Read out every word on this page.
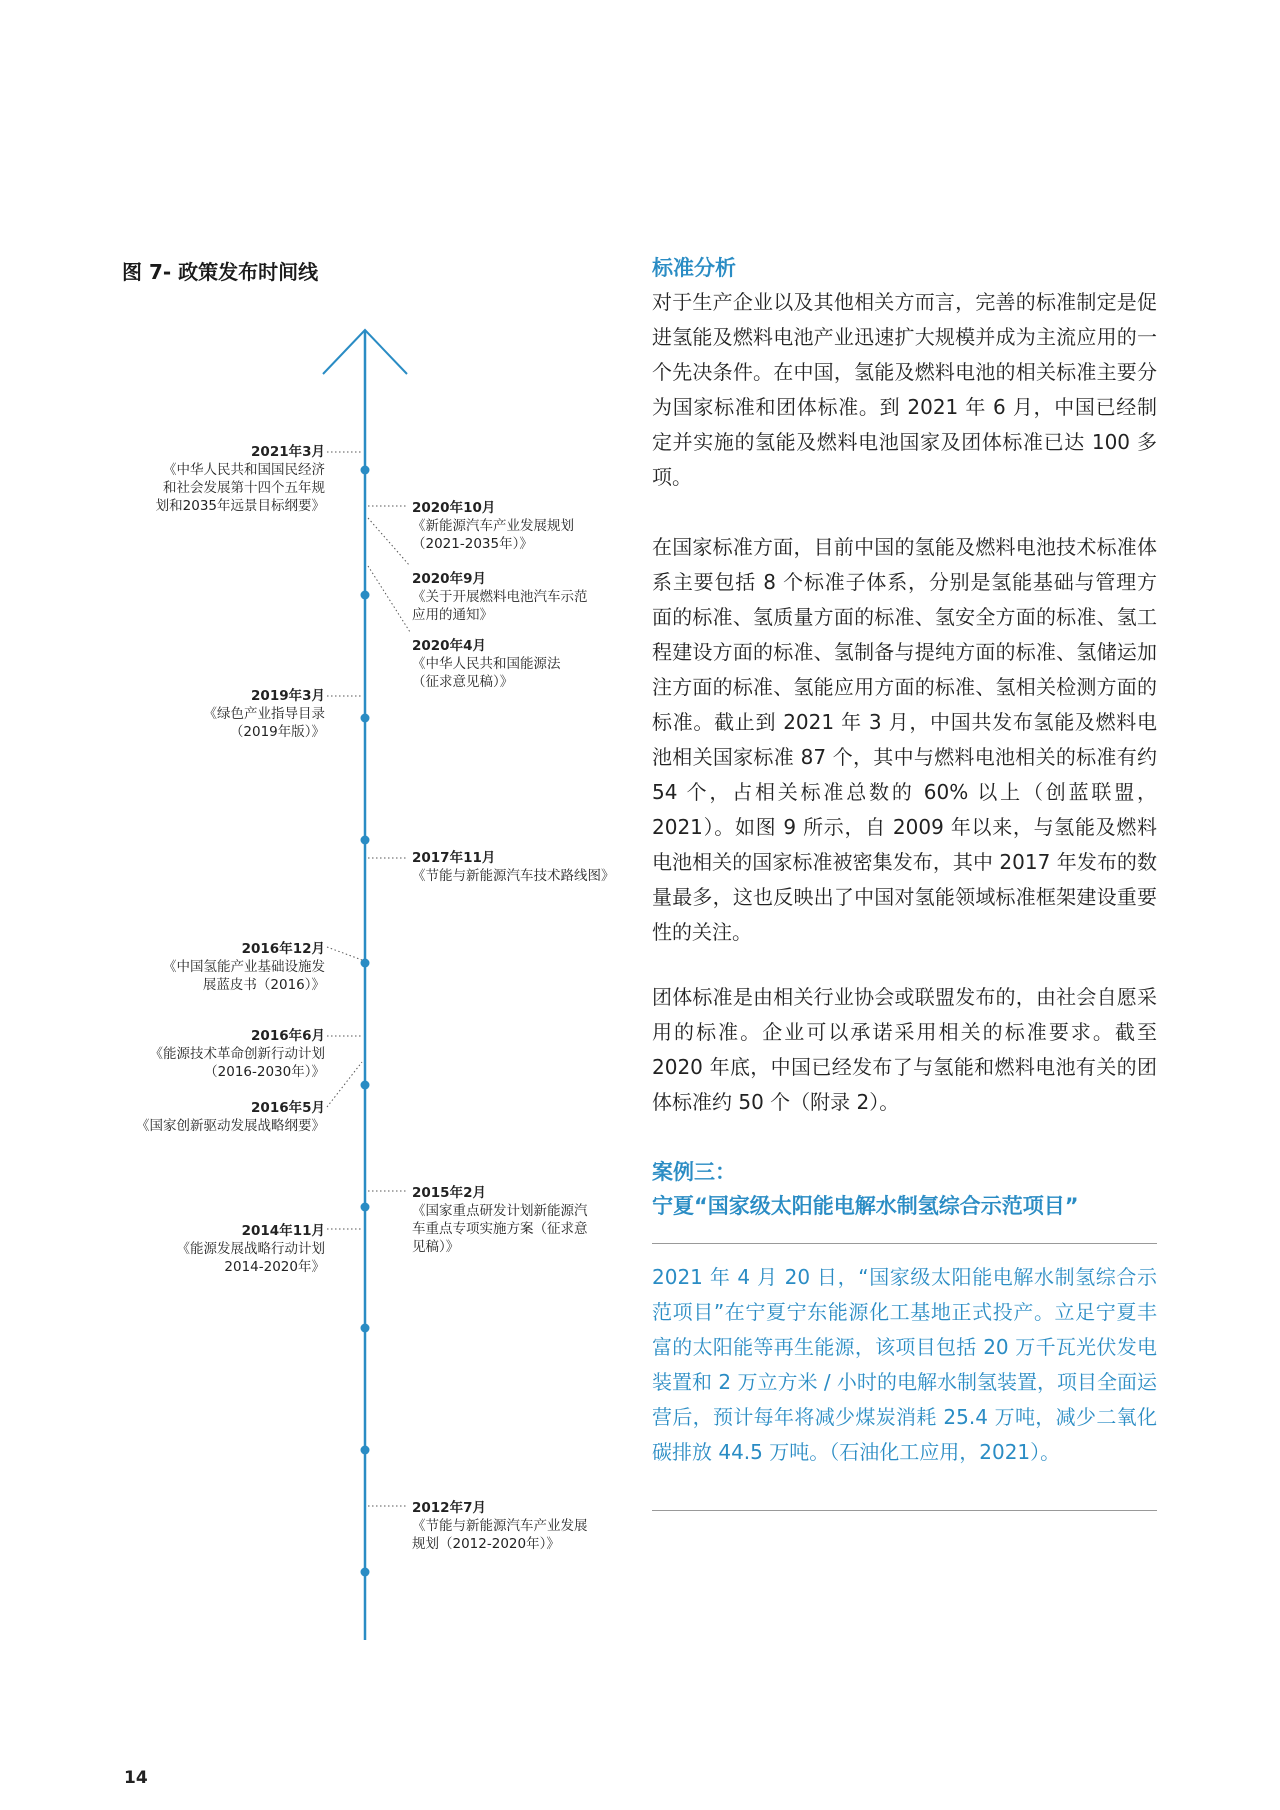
图 7- 政策发布时间线

2021年3月
《中华人民共和国国民经济
和社会发展第十四个五年规
划和2035年远景目标纲要》	2020年10月
《新能源汽车产业发展规划
（2021-2035年）》
2020年9月
《关于开展燃料电池汽车示范
应用的通知》
2020年4月
《中华人民共和国能源法
（征求意见稿）》
2019年3月
《绿色产业指导目录
（2019年版）》
2017年11月
《节能与新能源汽车技术路线图》
2016年12月
《中国氢能产业基础设施发
展蓝皮书（2016）》
2016年6月
《能源技术革命创新行动计划
（2016-2030年）》
2016年5月
《国家创新驱动发展战略纲要》
2015年2月
《国家重点研发计划新能源汽
车重点专项实施方案（征求意
见稿）》
2014年11月
《能源发展战略行动计划
2014-2020年》
2012年7月
《节能与新能源汽车产业发展
规划（2012-2020年）》
标准分析

对于生产企业以及其他相关方而言，完善的标准制定是促进氢能及燃料电池产业迅速扩大规模并成为主流应用的一个先决条件。在中国，氢能及燃料电池的相关标准主要分为国家标准和团体标准。到 2021 年 6 月，中国已经制定并实施的氢能及燃料电池国家及团体标准已达 100 多项。

在国家标准方面，目前中国的氢能及燃料电池技术标准体系主要包括 8 个标准子体系，分别是氢能基础与管理方面的标准、氢质量方面的标准、氢安全方面的标准、氢工程建设方面的标准、氢制备与提纯方面的标准、氢储运加注方面的标准、氢能应用方面的标准、氢相关检测方面的标准。截止到 2021 年 3 月，中国共发布氢能及燃料电池相关国家标准 87 个，其中与燃料电池相关的标准有约 54 个，占相关标准总数的 60% 以上（创蓝联盟，2021）。如图 9 所示，自 2009 年以来，与氢能及燃料电池相关的国家标准被密集发布，其中 2017 年发布的数量最多，这也反映出了中国对氢能领域标准框架建设重要性的关注。

团体标准是由相关行业协会或联盟发布的，由社会自愿采用的标准。企业可以承诺采用相关的标准要求。截至 2020 年底，中国已经发布了与氢能和燃料电池有关的团体标准约 50 个（附录 2）。

案例三：

宁夏“国家级太阳能电解水制氢综合示范项目”

2021 年 4 月 20 日，“国家级太阳能电解水制氢综合示范项目”在宁夏宁东能源化工基地正式投产。立足宁夏丰富的太阳能等再生能源，该项目包括 20 万千瓦光伏发电装置和 2 万立方米 / 小时的电解水制氢装置，项目全面运营后，预计每年将减少煤炭消耗 25.4 万吨，减少二氧化碳排放 44.5 万吨。（石油化工应用，2021）。

14
